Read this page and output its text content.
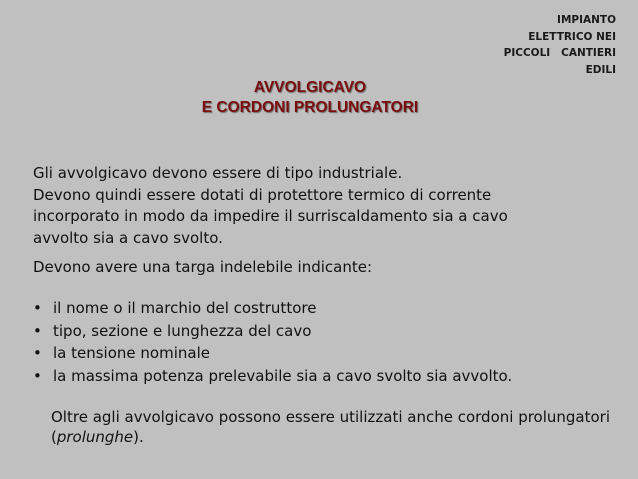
IMPIANTO
ELETTRICO NEI
PICCOLI   CANTIERI
EDILI
AVVOLGICAVO
E CORDONI PROLUNGATORI
Gli avvolgicavo devono essere di tipo industriale.
Devono quindi essere dotati di protettore termico di corrente
incorporato in modo da impedire il surriscaldamento sia a cavo
avvolto sia a cavo svolto.
Devono avere una targa indelebile indicante:
• il nome o il marchio del costruttore
• tipo, sezione e lunghezza del cavo
• la tensione nominale
• la massima potenza prelevabile sia a cavo svolto sia avvolto.
Oltre agli avvolgicavo possono essere utilizzati anche cordoni prolungatori (prolunghe).
